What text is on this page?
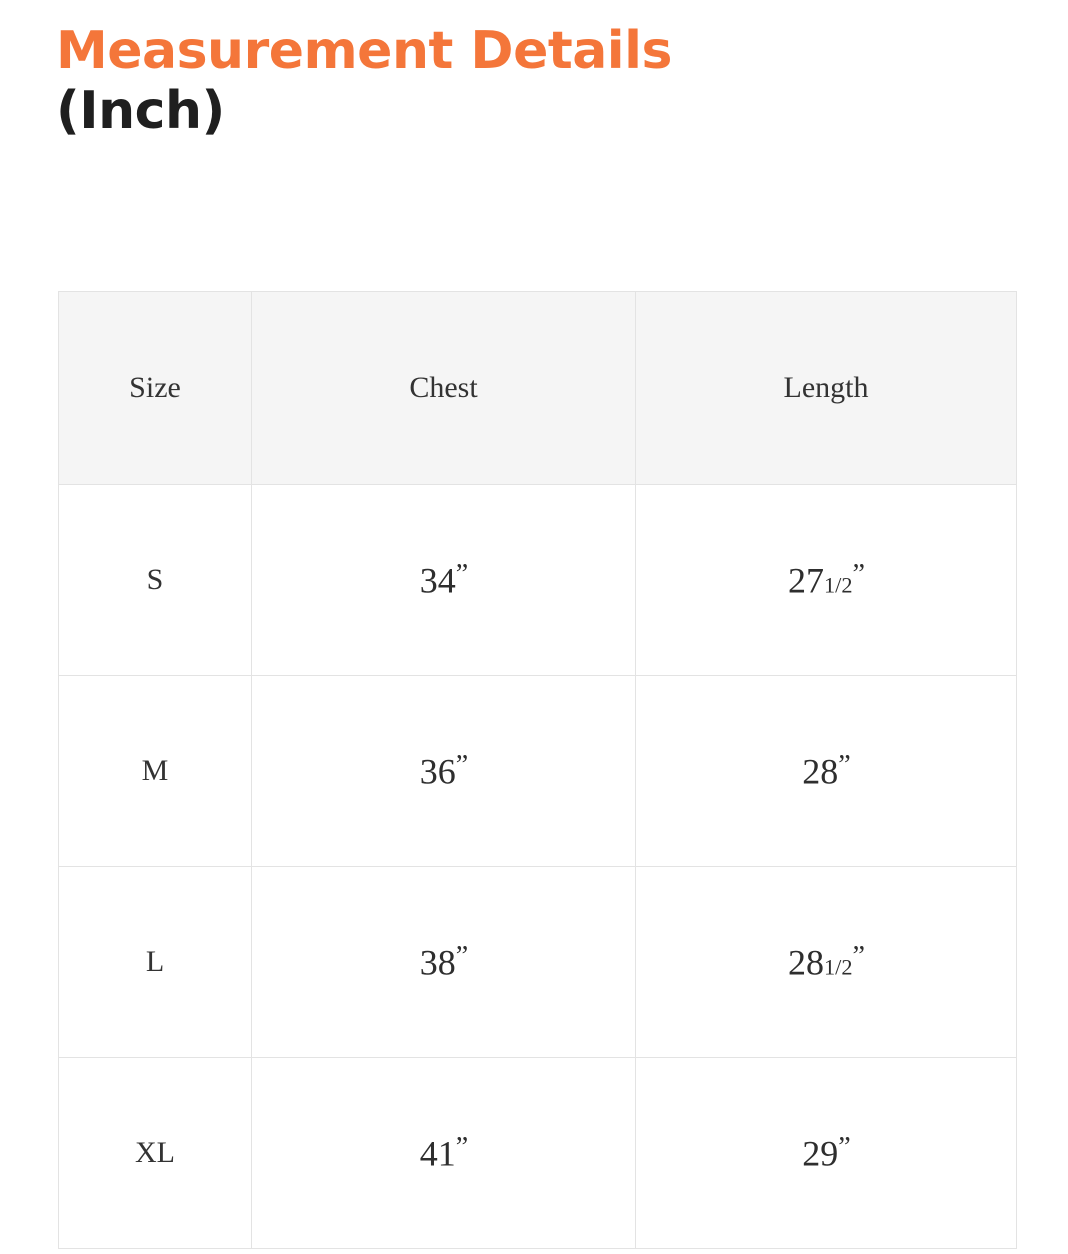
Measurement Details
(Inch)
Size	Chest	Length
S	34”	271/2”
M	36”	28”
L	38”	281/2”
XL	41”	29”
